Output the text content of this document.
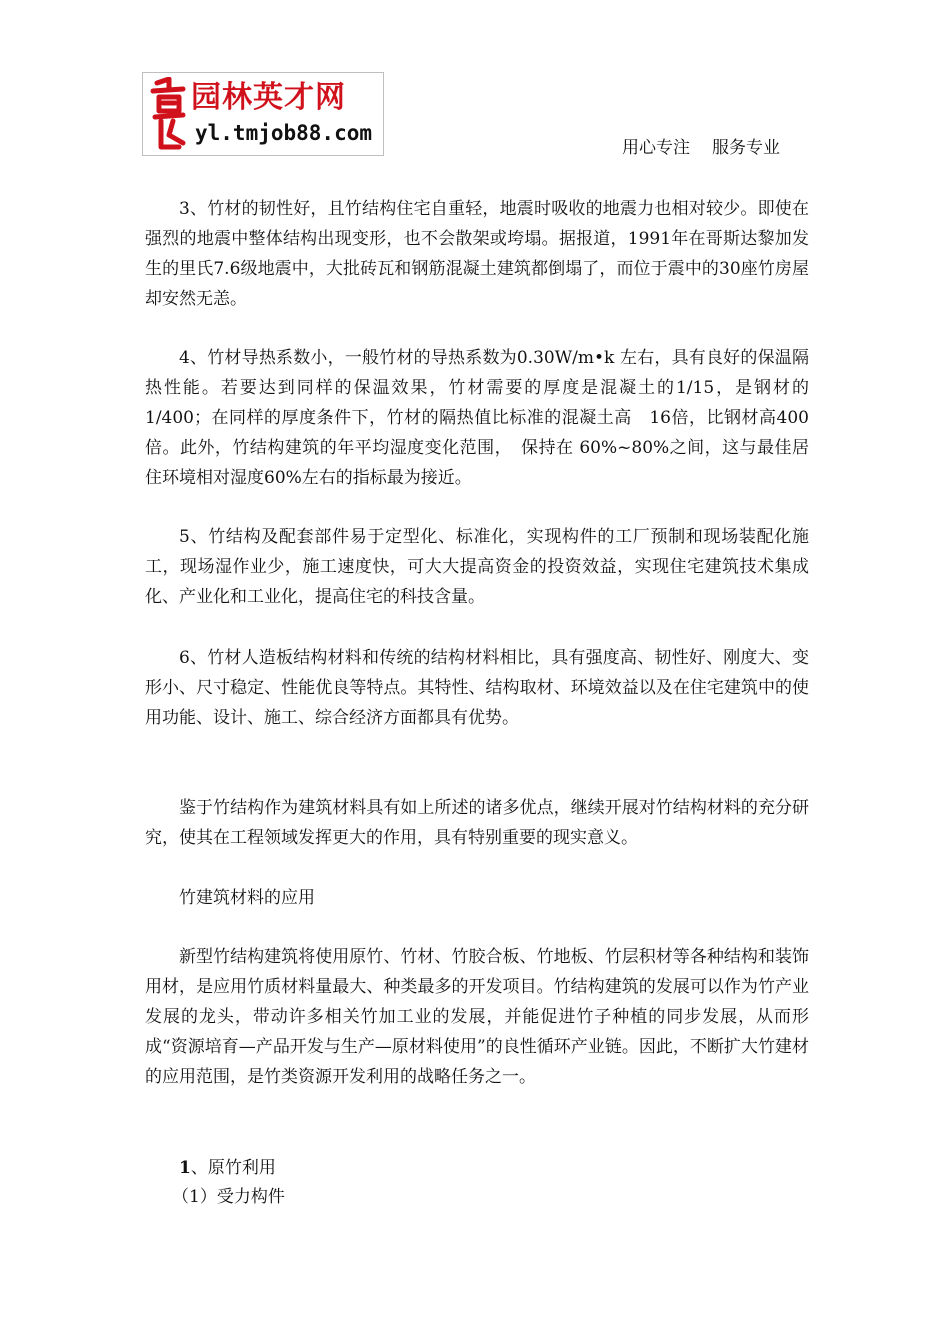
园林英才网
yl.tmjob88.com
用心专注 服务专业

3、竹材的韧性好，且竹结构住宅自重轻，地震时吸收的地震力也相对较少。即使在强烈的地震中整体结构出现变形，也不会散架或垮塌。据报道，1991年在哥斯达黎加发生的里氏7.6级地震中，大批砖瓦和钢筋混凝土建筑都倒塌了，而位于震中的30座竹房屋却安然无恙。

4、竹材导热系数小，一般竹材的导热系数为0.30W/m•k 左右，具有良好的保温隔热性能。若要达到同样的保温效果，竹材需要的厚度是混凝土的1/15，是钢材的 1/400；在同样的厚度条件下，竹材的隔热值比标准的混凝土高　16倍，比钢材高400 倍。此外，竹结构建筑的年平均湿度变化范围，　保持在 60%~80%之间，这与最佳居住环境相对湿度60%左右的指标最为接近。

5、竹结构及配套部件易于定型化、标准化，实现构件的工厂预制和现场装配化施工，现场湿作业少，施工速度快，可大大提高资金的投资效益，实现住宅建筑技术集成化、产业化和工业化，提高住宅的科技含量。

6、竹材人造板结构材料和传统的结构材料相比，具有强度高、韧性好、刚度大、变形小、尺寸稳定、性能优良等特点。其特性、结构取材、环境效益以及在住宅建筑中的使用功能、设计、施工、综合经济方面都具有优势。

鉴于竹结构作为建筑材料具有如上所述的诸多优点，继续开展对竹结构材料的充分研究，使其在工程领域发挥更大的作用，具有特别重要的现实意义。

竹建筑材料的应用

新型竹结构建筑将使用原竹、竹材、竹胶合板、竹地板、竹层积材等各种结构和装饰用材，是应用竹质材料量最大、种类最多的开发项目。竹结构建筑的发展可以作为竹产业发展的龙头，带动许多相关竹加工业的发展，并能促进竹子种植的同步发展，从而形成“资源培育—产品开发与生产—原材料使用”的良性循环产业链。因此，不断扩大竹建材的应用范围，是竹类资源开发利用的战略任务之一。

1、原竹利用

（1）受力构件
